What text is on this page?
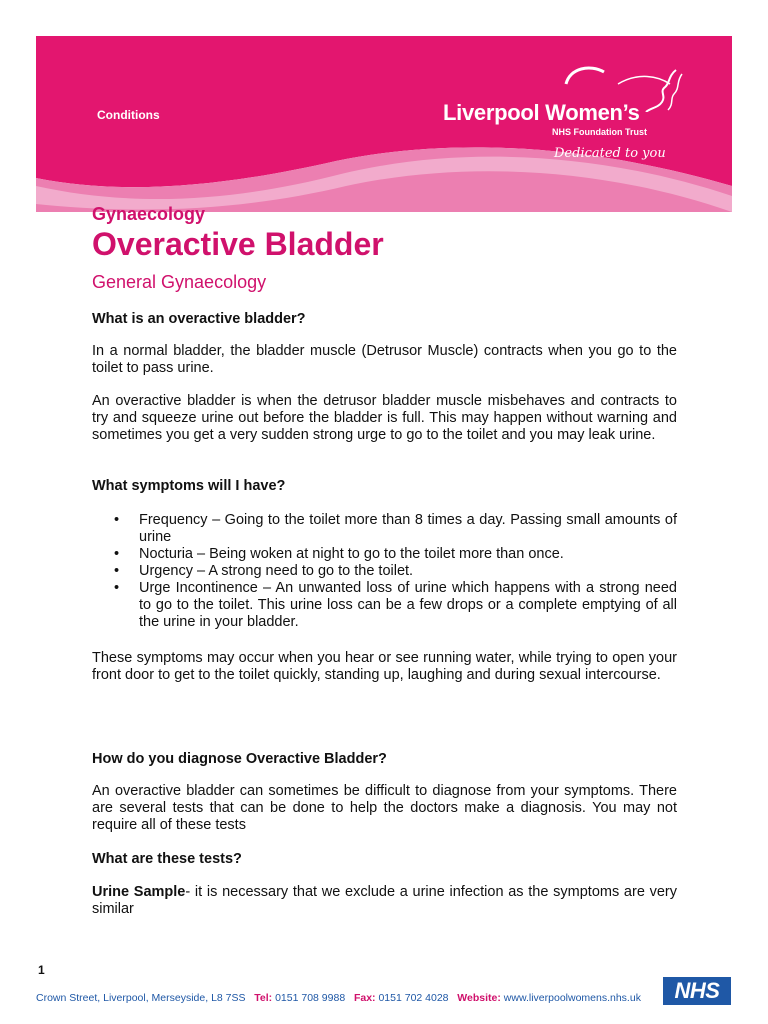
Conditions	Liverpool Women’s
NHS Foundation Trust
Dedicated to you
Gynaecology
Overactive Bladder
General Gynaecology
What is an overactive bladder?
In a normal bladder, the bladder muscle (Detrusor Muscle) contracts when you go to the toilet to pass urine.
An overactive bladder is when the detrusor bladder muscle misbehaves and contracts to try and squeeze urine out before the bladder is full. This may happen without warning and sometimes you get a very sudden strong urge to go to the toilet and you may leak urine.
What symptoms will I have?
• Frequency – Going to the toilet more than 8 times a day. Passing small amounts of urine
• Nocturia – Being woken at night to go to the toilet more than once.
• Urgency – A strong need to go to the toilet.
• Urge Incontinence – An unwanted loss of urine which happens with a strong need to go to the toilet. This urine loss can be a few drops or a complete emptying of all the urine in your bladder.
These symptoms may occur when you hear or see running water, while trying to open your front door to get to the toilet quickly, standing up, laughing and during sexual intercourse.
How do you diagnose Overactive Bladder?
An overactive bladder can sometimes be difficult to diagnose from your symptoms. There are several tests that can be done to help the doctors make a diagnosis. You may not require all of these tests
What are these tests?
Urine Sample- it is necessary that we exclude a urine infection as the symptoms are very similar
1
Crown Street, Liverpool, Merseyside, L8 7SS Tel: 0151 708 9988 Fax: 0151 702 4028 Website: www.liverpoolwomens.nhs.uk	NHS
